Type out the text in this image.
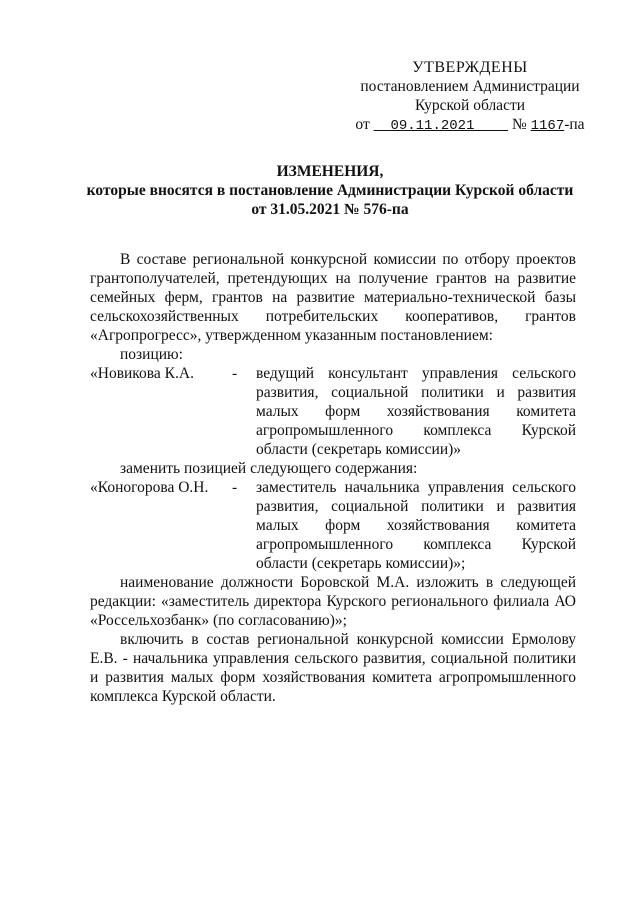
УТВЕРЖДЕНЫ
постановлением Администрации
Курской области
от 09.11.2021 № 1167-па
ИЗМЕНЕНИЯ,
которые вносятся в постановление Администрации Курской области
от 31.05.2021 № 576-па

В составе региональной конкурсной комиссии по отбору проектов грантополучателей, претендующих на получение грантов на развитие семейных ферм, грантов на развитие материально-технической базы сельскохозяйственных потребительских кооперативов, грантов «Агропрогресс», утвержденном указанным постановлением:

позицию:

«Новикова К.А.	-	ведущий консультант управления сельского развития, социальной политики и развития малых форм хозяйствования комитета агропромышленного комплекса Курской области (секретарь комиссии)»

заменить позицией следующего содержания:

«Коногорова О.Н.	-	заместитель начальника управления сельского развития, социальной политики и развития малых форм хозяйствования комитета агропромышленного комплекса Курской области (секретарь комиссии)»;

наименование должности Боровской М.А. изложить в следующей редакции: «заместитель директора Курского регионального филиала АО «Россельхозбанк» (по согласованию)»;

включить в состав региональной конкурсной комиссии Ермолову Е.В. - начальника управления сельского развития, социальной политики и развития малых форм хозяйствования комитета агропромышленного комплекса Курской области.
